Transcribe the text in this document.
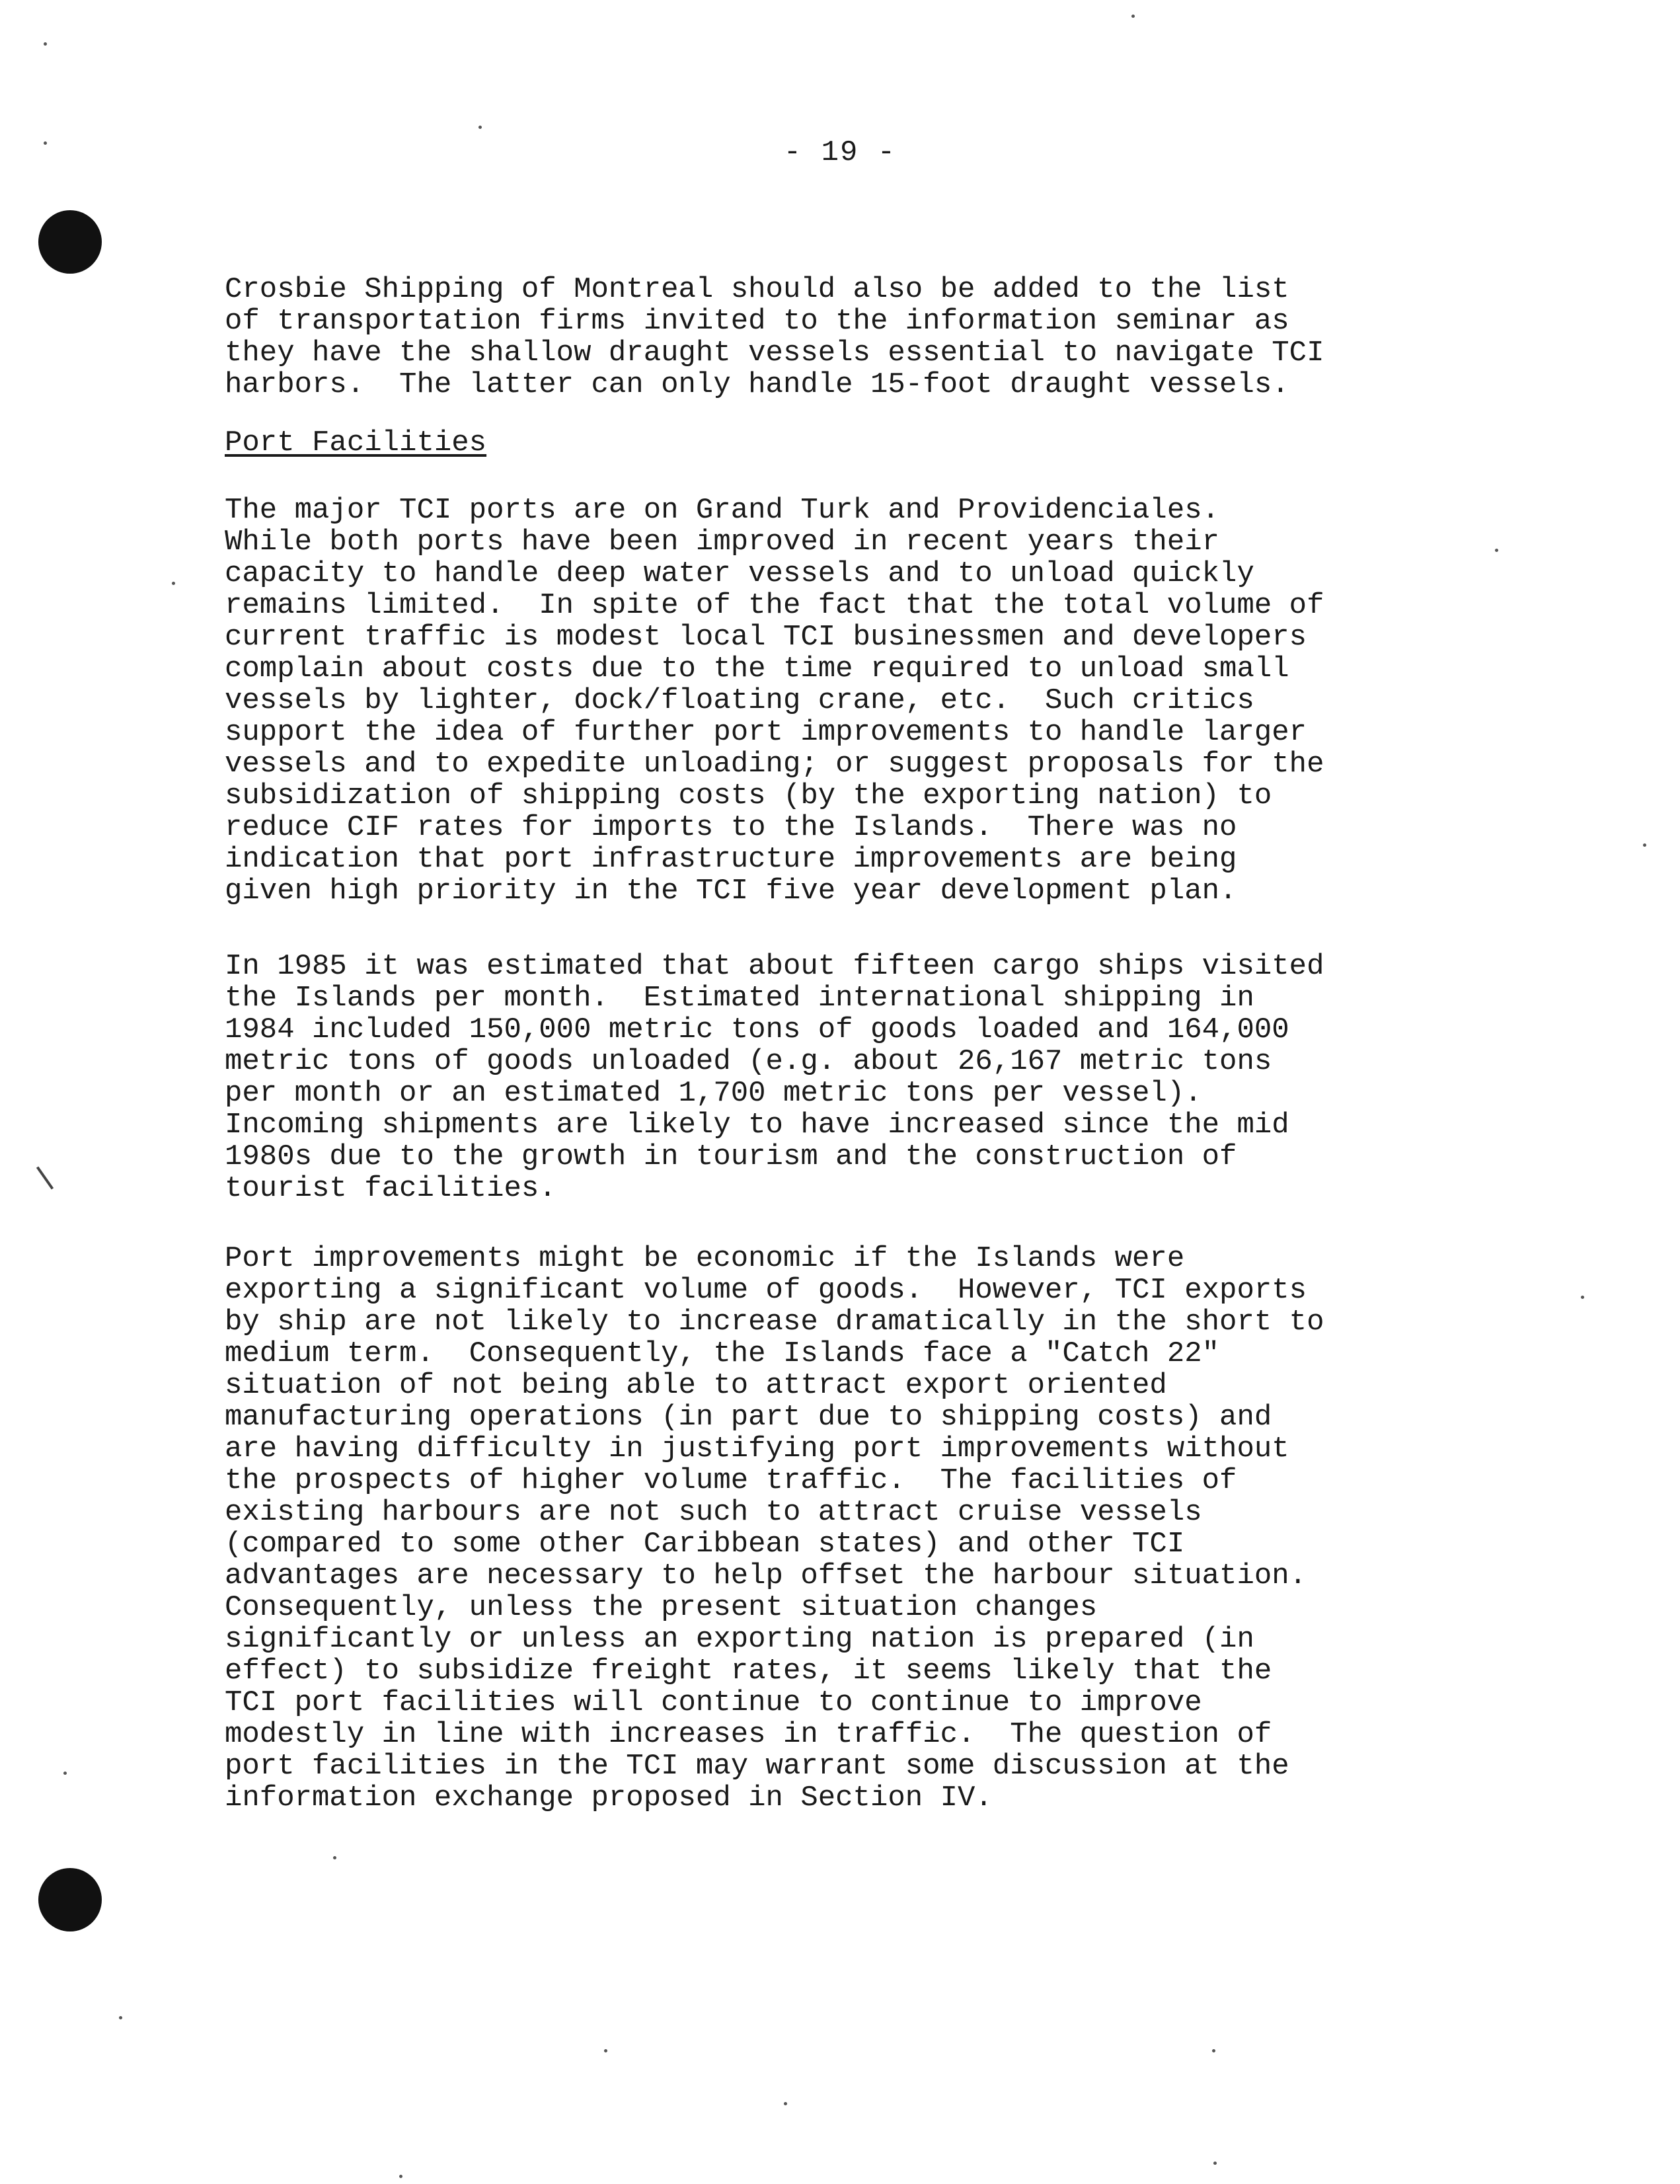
- 19 -
Crosbie Shipping of Montreal should also be added to the list
of transportation firms invited to the information seminar as
they have the shallow draught vessels essential to navigate TCI
harbors.  The latter can only handle 15-foot draught vessels.
Port Facilities
The major TCI ports are on Grand Turk and Providenciales.
While both ports have been improved in recent years their
capacity to handle deep water vessels and to unload quickly
remains limited.  In spite of the fact that the total volume of
current traffic is modest local TCI businessmen and developers
complain about costs due to the time required to unload small
vessels by lighter, dock/floating crane, etc.  Such critics
support the idea of further port improvements to handle larger
vessels and to expedite unloading; or suggest proposals for the
subsidization of shipping costs (by the exporting nation) to
reduce CIF rates for imports to the Islands.  There was no
indication that port infrastructure improvements are being
given high priority in the TCI five year development plan.
In 1985 it was estimated that about fifteen cargo ships visited
the Islands per month.  Estimated international shipping in
1984 included 150,000 metric tons of goods loaded and 164,000
metric tons of goods unloaded (e.g. about 26,167 metric tons
per month or an estimated 1,700 metric tons per vessel).
Incoming shipments are likely to have increased since the mid
1980s due to the growth in tourism and the construction of
tourist facilities.
Port improvements might be economic if the Islands were
exporting a significant volume of goods.  However, TCI exports
by ship are not likely to increase dramatically in the short to
medium term.  Consequently, the Islands face a "Catch 22"
situation of not being able to attract export oriented
manufacturing operations (in part due to shipping costs) and
are having difficulty in justifying port improvements without
the prospects of higher volume traffic.  The facilities of
existing harbours are not such to attract cruise vessels
(compared to some other Caribbean states) and other TCI
advantages are necessary to help offset the harbour situation.
Consequently, unless the present situation changes
significantly or unless an exporting nation is prepared (in
effect) to subsidize freight rates, it seems likely that the
TCI port facilities will continue to continue to improve
modestly in line with increases in traffic.  The question of
port facilities in the TCI may warrant some discussion at the
information exchange proposed in Section IV.
